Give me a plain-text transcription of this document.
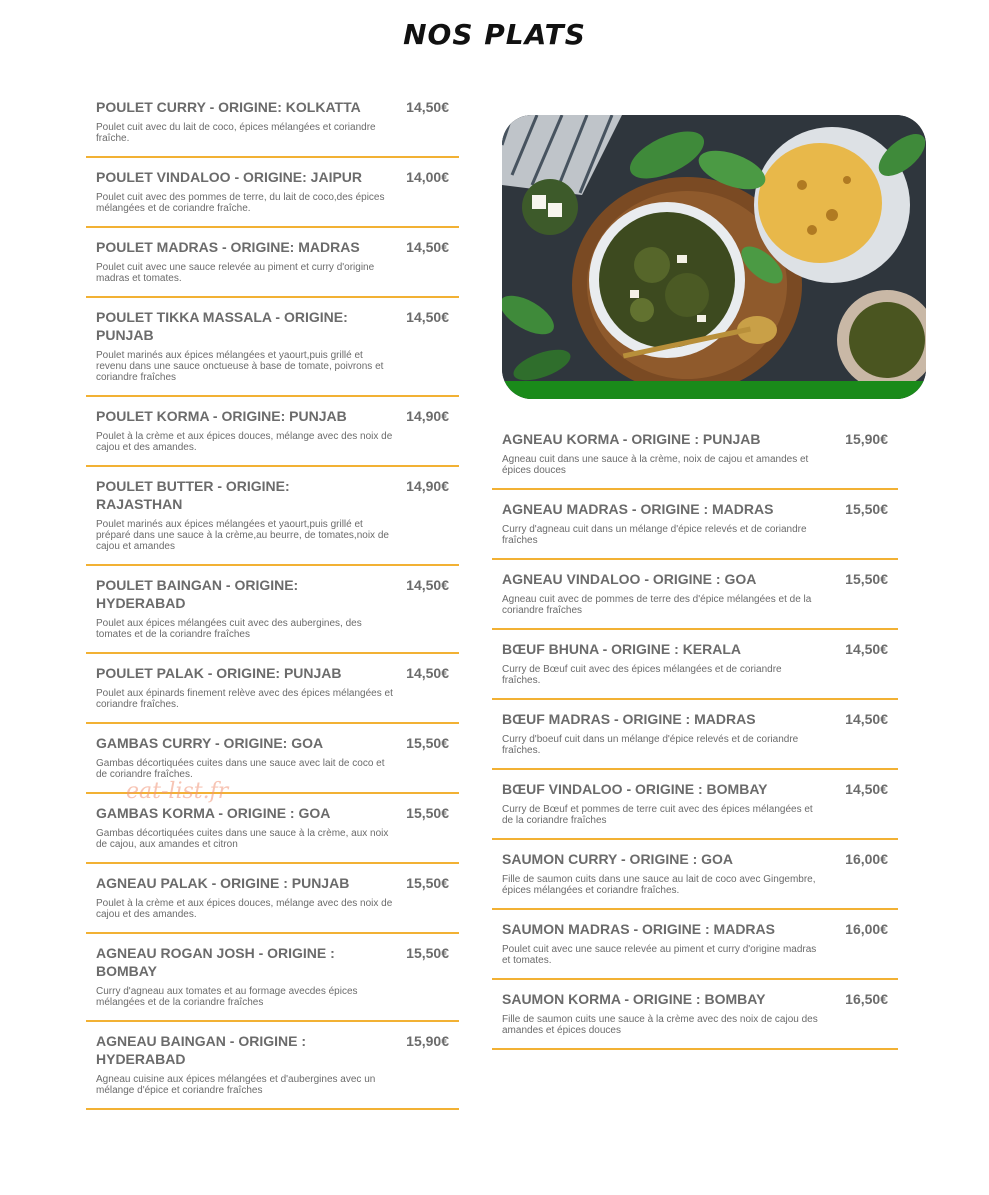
NOS PLATS
POULET CURRY - ORIGINE: KOLKATTA	14,50€
Poulet cuit avec du lait de coco, épices mélangées et coriandre fraîche.
POULET VINDALOO - ORIGINE: JAIPUR	14,00€
Poulet cuit avec des pommes de terre, du lait de coco,des épices mélangées et de coriandre fraîche.
POULET MADRAS - ORIGINE: MADRAS	14,50€
Poulet cuit avec une sauce relevée au piment et curry d'origine madras et tomates.
POULET TIKKA MASSALA - ORIGINE: PUNJAB
14,50€
Poulet marinés aux épices mélangées et yaourt,puis grillé et revenu dans une sauce onctueuse à base de tomate, poivrons et coriandre fraîches
POULET KORMA - ORIGINE: PUNJAB	14,90€
Poulet à la crème et aux épices douces, mélange avec des noix de cajou et des amandes.
POULET BUTTER - ORIGINE: RAJASTHAN
14,90€
Poulet marinés aux épices mélangées et yaourt,puis grillé et préparé dans une sauce à la crème,au beurre, de tomates,noix de cajou et amandes
POULET BAINGAN - ORIGINE: HYDERABAD
14,50€
Poulet aux épices mélangées cuit avec des aubergines, des tomates et de la coriandre fraîches
POULET PALAK - ORIGINE: PUNJAB	14,50€
Poulet aux épinards finement relève avec des épices mélangées et coriandre fraîches.
GAMBAS CURRY - ORIGINE: GOA	15,50€
Gambas décortiquées cuites dans une sauce avec lait de coco et de coriandre fraîches.
GAMBAS KORMA - ORIGINE : GOA	15,50€
Gambas décortiquées cuites dans une sauce à la crème, aux noix de cajou, aux amandes et citron
AGNEAU PALAK - ORIGINE : PUNJAB	15,50€
Poulet à la crème et aux épices douces, mélange avec des noix de cajou et des amandes.
AGNEAU ROGAN JOSH - ORIGINE : BOMBAY
15,50€
Curry d'agneau aux tomates et au formage avecdes épices mélangées et de la coriandre fraîches
AGNEAU BAINGAN - ORIGINE : HYDERABAD
15,90€
Agneau cuisine aux épices mélangées et d'aubergines avec un mélange d'épice et coriandre fraîches
AGNEAU KORMA - ORIGINE : PUNJAB	15,90€
Agneau cuit dans une sauce à la crème, noix de cajou et amandes et épices douces
AGNEAU MADRAS - ORIGINE : MADRAS	15,50€
Curry d'agneau cuit dans un mélange d'épice relevés et de coriandre fraîches
AGNEAU VINDALOO - ORIGINE : GOA	15,50€
Agneau cuit avec de pommes de terre des d'épice mélangées et de la coriandre fraîches
BŒUF BHUNA - ORIGINE : KERALA	14,50€
Curry de Bœuf cuit avec des épices mélangées et de coriandre fraîches.
BŒUF MADRAS - ORIGINE : MADRAS	14,50€
Curry d'boeuf cuit dans un mélange d'épice relevés et de coriandre fraîches.
BŒUF VINDALOO - ORIGINE : BOMBAY	14,50€
Curry de Bœuf et pommes de terre cuit avec des épices mélangées et de la coriandre fraîches
SAUMON CURRY - ORIGINE : GOA	16,00€
Fille de saumon cuits dans une sauce au lait de coco avec Gingembre, épices mélangées et coriandre fraîches.
SAUMON MADRAS - ORIGINE : MADRAS	16,00€
Poulet cuit avec une sauce relevée au piment et curry d'origine madras et tomates.
SAUMON KORMA - ORIGINE : BOMBAY	16,50€
Fille de saumon cuits une sauce à la crème avec des noix de cajou des amandes et épices douces
eat-list.fr
